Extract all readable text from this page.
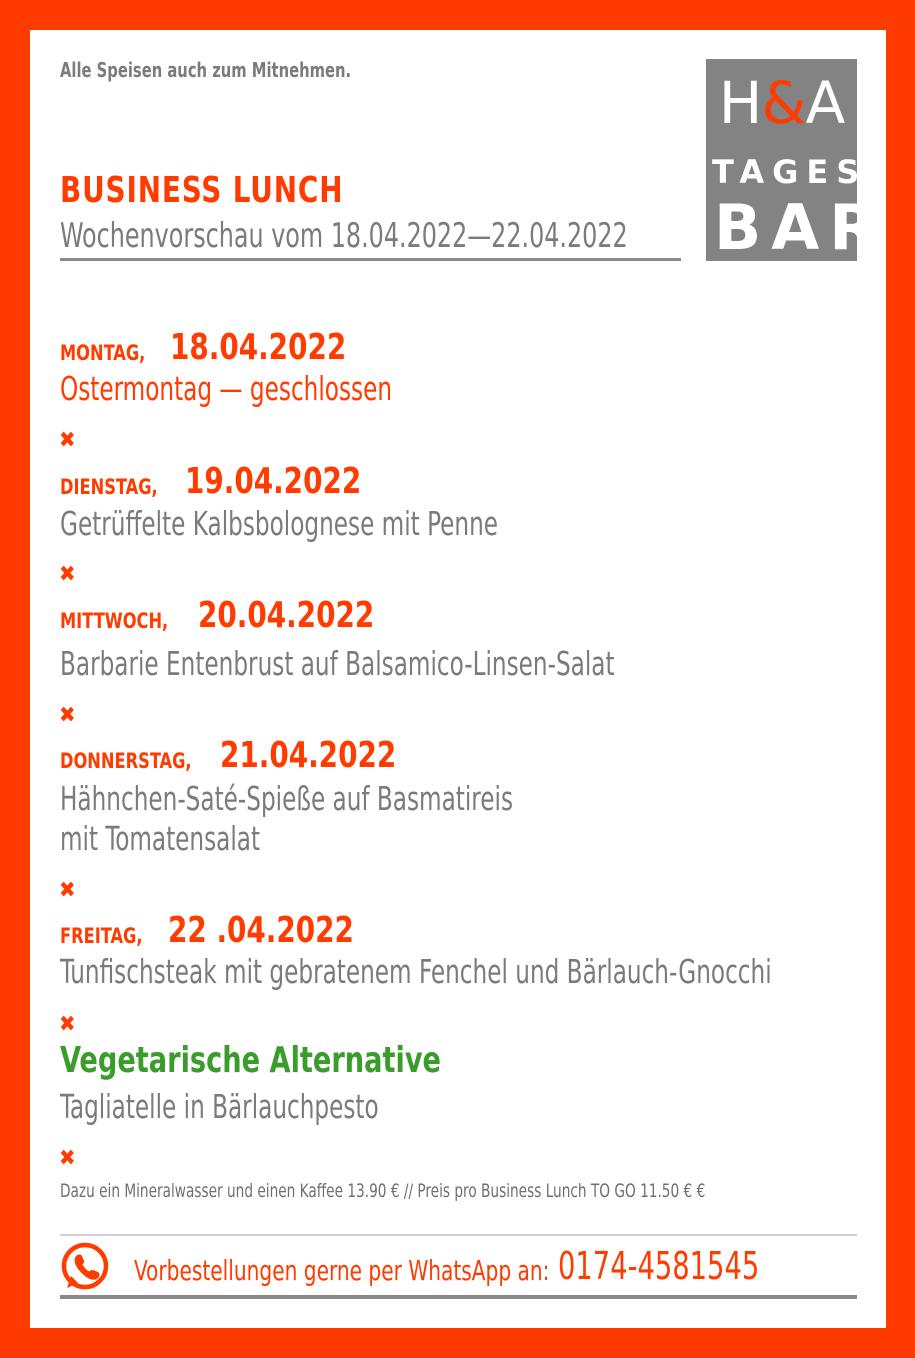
Alle Speisen auch zum Mitnehmen.
BUSINESS LUNCH
Wochenvorschau vom 18.04.2022—22.04.2022
H&A
TAGES
BAR
MONTAG, 18.04.2022
Ostermontag — geschlossen
✖
DIENSTAG, 19.04.2022
Getrüffelte Kalbsbolognese mit Penne
✖
MITTWOCH, 20.04.2022
Barbarie Entenbrust auf Balsamico-Linsen-Salat
✖
DONNERSTAG, 21.04.2022
Hähnchen-Saté-Spieße auf Basmatireis
mit Tomatensalat
✖
FREITAG, 22 .04.2022
Tunfischsteak mit gebratenem Fenchel und Bärlauch-Gnocchi
✖
Vegetarische Alternative
Tagliatelle in Bärlauchpesto
✖
Dazu ein Mineralwasser und einen Kaffee 13.90 € // Preis pro Business Lunch TO GO 11.50 € €
Vorbestellungen gerne per WhatsApp an: 0174-4581545
